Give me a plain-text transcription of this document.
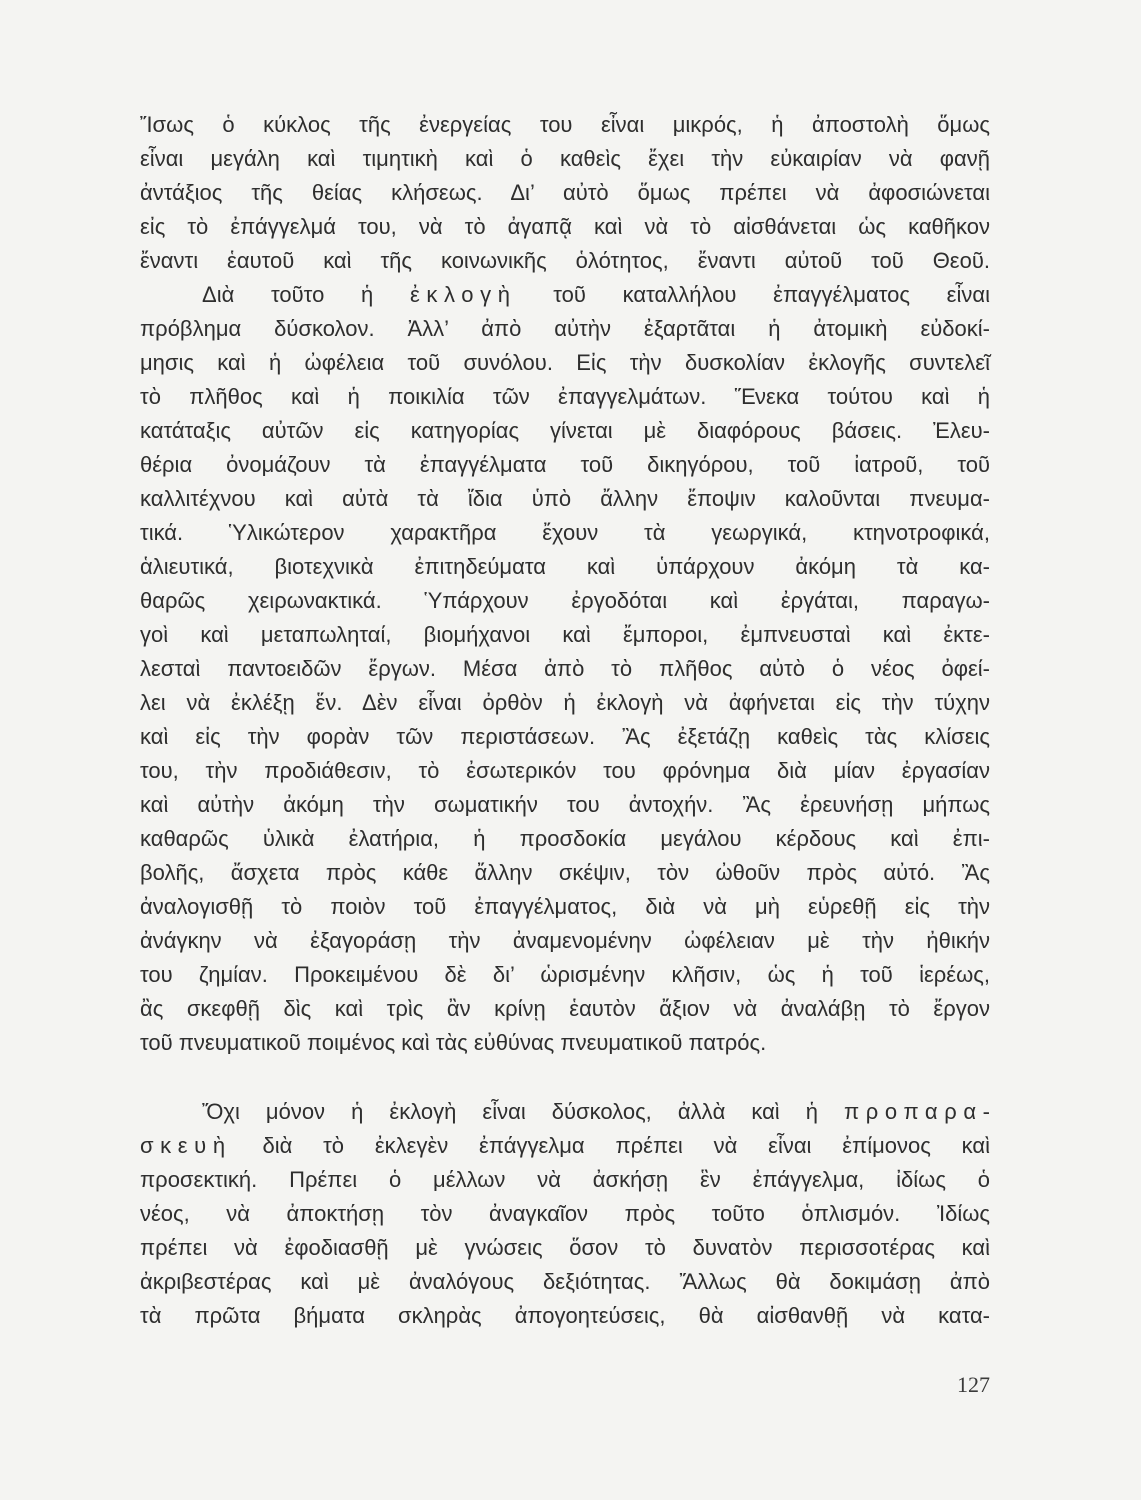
Ἴσως ὁ κύκλος τῆς ἐνεργείας του εἶναι μικρός, ἡ ἀποστολὴ ὅμως
εἶναι μεγάλη καὶ τιμητικὴ καὶ ὁ καθεὶς ἔχει τὴν εὐκαιρίαν νὰ φανῇ
ἀντάξιος τῆς θείας κλήσεως. Δι’ αὐτὸ ὅμως πρέπει νὰ ἀφοσιώνεται
εἰς τὸ ἐπάγγελμά του, νὰ τὸ ἀγαπᾷ καὶ νὰ τὸ αἰσθάνεται ὡς καθῆκον
ἔναντι ἑαυτοῦ καὶ τῆς κοινωνικῆς ὁλότητος, ἔναντι αὐτοῦ τοῦ Θεοῦ.
Διὰ τοῦτο ἡ ἐκλογὴ τοῦ καταλλήλου ἐπαγγέλματος εἶναι
πρόβλημα δύσκολον. Ἀλλ’ ἀπὸ αὐτὴν ἐξαρτᾶται ἡ ἀτομικὴ εὐδοκί-
μησις καὶ ἡ ὠφέλεια τοῦ συνόλου. Εἰς τὴν δυσκολίαν ἐκλογῆς συντελεῖ
τὸ πλῆθος καὶ ἡ ποικιλία τῶν ἐπαγγελμάτων. Ἕνεκα τούτου καὶ ἡ
κατάταξις αὐτῶν εἰς κατηγορίας γίνεται μὲ διαφόρους βάσεις. Ἐλευ-
θέρια ὀνομάζουν τὰ ἐπαγγέλματα τοῦ δικηγόρου, τοῦ ἰατροῦ, τοῦ
καλλιτέχνου καὶ αὐτὰ τὰ ἴδια ὑπὸ ἄλλην ἔποψιν καλοῦνται πνευμα-
τικά. Ὑλικώτερον χαρακτῆρα ἔχουν τὰ γεωργικά, κτηνοτροφικά,
ἁλιευτικά, βιοτεχνικὰ ἐπιτηδεύματα καὶ ὑπάρχουν ἀκόμη τὰ κα-
θαρῶς χειρωνακτικά. Ὑπάρχουν ἐργοδόται καὶ ἐργάται, παραγω-
γοὶ καὶ μεταπωληταί, βιομήχανοι καὶ ἔμποροι, ἐμπνευσταὶ καὶ ἐκτε-
λεσταὶ παντοειδῶν ἔργων. Μέσα ἀπὸ τὸ πλῆθος αὐτὸ ὁ νέος ὀφεί-
λει νὰ ἐκλέξῃ ἕν. Δὲν εἶναι ὀρθὸν ἡ ἐκλογὴ νὰ ἀφήνεται εἰς τὴν τύχην
καὶ εἰς τὴν φορὰν τῶν περιστάσεων. Ἂς ἐξετάζῃ καθεὶς τὰς κλίσεις
του, τὴν προδιάθεσιν, τὸ ἐσωτερικόν του φρόνημα διὰ μίαν ἐργασίαν
καὶ αὐτὴν ἀκόμη τὴν σωματικήν του ἀντοχήν. Ἂς ἐρευνήσῃ μήπως
καθαρῶς ὑλικὰ ἐλατήρια, ἡ προσδοκία μεγάλου κέρδους καὶ ἐπι-
βολῆς, ἄσχετα πρὸς κάθε ἄλλην σκέψιν, τὸν ὠθοῦν πρὸς αὐτό. Ἂς
ἀναλογισθῇ τὸ ποιὸν τοῦ ἐπαγγέλματος, διὰ νὰ μὴ εὑρεθῇ εἰς τὴν
ἀνάγκην νὰ ἐξαγοράσῃ τὴν ἀναμενομένην ὠφέλειαν μὲ τὴν ἠθικήν
του ζημίαν. Προκειμένου δὲ δι’ ὡρισμένην κλῆσιν, ὡς ἡ τοῦ ἱερέως,
ἂς σκεφθῇ δὶς καὶ τρὶς ἂν κρίνῃ ἑαυτὸν ἄξιον νὰ ἀναλάβῃ τὸ ἔργον
τοῦ πνευματικοῦ ποιμένος καὶ τὰς εὐθύνας πνευματικοῦ πατρός.
Ὄχι μόνον ἡ ἐκλογὴ εἶναι δύσκολος, ἀλλὰ καὶ ἡ προπαρα-
σκευὴ διὰ τὸ ἐκλεγὲν ἐπάγγελμα πρέπει νὰ εἶναι ἐπίμονος καὶ
προσεκτική. Πρέπει ὁ μέλλων νὰ ἀσκήσῃ ἓν ἐπάγγελμα, ἰδίως ὁ
νέος, νὰ ἀποκτήσῃ τὸν ἀναγκαῖον πρὸς τοῦτο ὁπλισμόν. Ἰδίως
πρέπει νὰ ἐφοδιασθῇ μὲ γνώσεις ὅσον τὸ δυνατὸν περισσοτέρας καὶ
ἀκριβεστέρας καὶ μὲ ἀναλόγους δεξιότητας. Ἄλλως θὰ δοκιμάσῃ ἀπὸ
τὰ πρῶτα βήματα σκληρὰς ἀπογοητεύσεις, θὰ αἰσθανθῇ νὰ κατα-
127
